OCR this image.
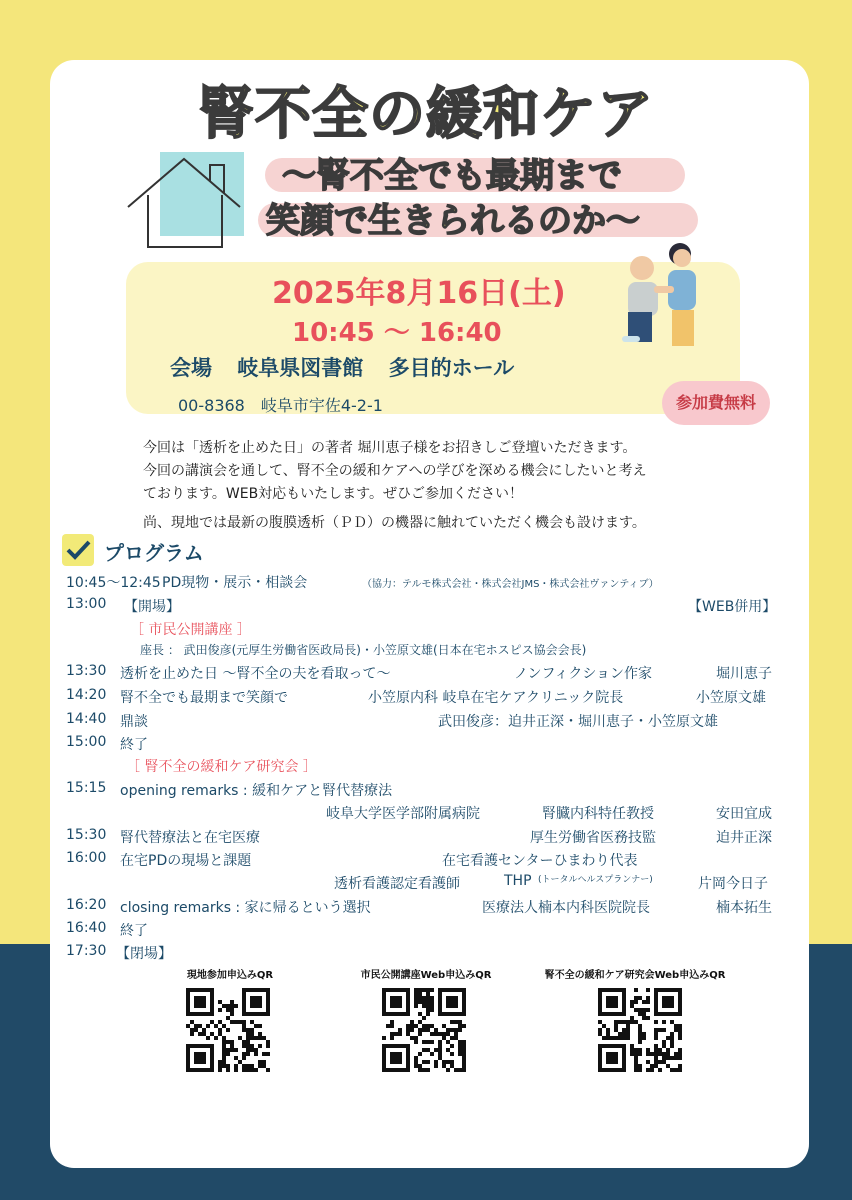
腎不全の緩和ケア
〜腎不全でも最期まで
笑顔で生きられるのか〜
2025年8月16日(土)
10:45 〜 16:40
会場 岐阜県図書館 多目的ホール
00-8368　岐阜市宇佐4-2-1	参加費無料
今回は「透析を止めた日」の著者 堀川恵子様をお招きしご登壇いただきます。
今回の講演会を通して、腎不全の緩和ケアへの学びを深める機会にしたいと考え
ております。WEB対応もいたします。ぜひご参加ください！
尚、現地では最新の腹膜透析（ＰＤ）の機器に触れていただく機会も設けます。
プログラム
10:45〜12:45 PD現物・展示・相談会	（協力：テルモ株式会社・株式会社JMS・株式会社ヴァンティブ）
13:00 【開場】	【WEB併用】
［ 市民公開講座 ］
座長 ： 武田俊彦(元厚生労働省医政局長)・小笠原文雄(日本在宅ホスピス協会会長)
13:30 透析を止めた日 〜腎不全の夫を看取って〜	ノンフィクション作家	堀川恵子
14:20 腎不全でも最期まで笑顔で	小笠原内科 岐阜在宅ケアクリニック院長	小笠原文雄
14:40 鼎談	武田俊彦：迫井正深・堀川恵子・小笠原文雄
15:00 終了
［ 腎不全の緩和ケア研究会 ］
15:15 opening remarks : 緩和ケアと腎代替療法
岐阜大学医学部附属病院	腎臓内科特任教授	安田宜成
15:30 腎代替療法と在宅医療	厚生労働省医務技監	迫井正深
16:00 在宅PDの現場と課題	在宅看護センターひまわり代表
透析看護認定看護師	THP (トータルヘルスプランナー)	片岡今日子
16:20 closing remarks : 家に帰るという選択	医療法人楠本内科医院院長	楠本拓生
16:40 終了
17:30 【閉場】
現地参加申込みQR	市民公開講座Web申込みQR	腎不全の緩和ケア研究会Web申込みQR
共催：日本在宅ホスピス協会　岐阜県在宅療養支援医協会　株式会社ヴァンティブ
後援：岐阜県医師会　岐阜市医師会
お問い合わせ先　小笠原内科・岐阜在宅ケアクリニック　Mail：b.ogasaw@orion.ocn.ne.jp/Fax：058-273-6063
